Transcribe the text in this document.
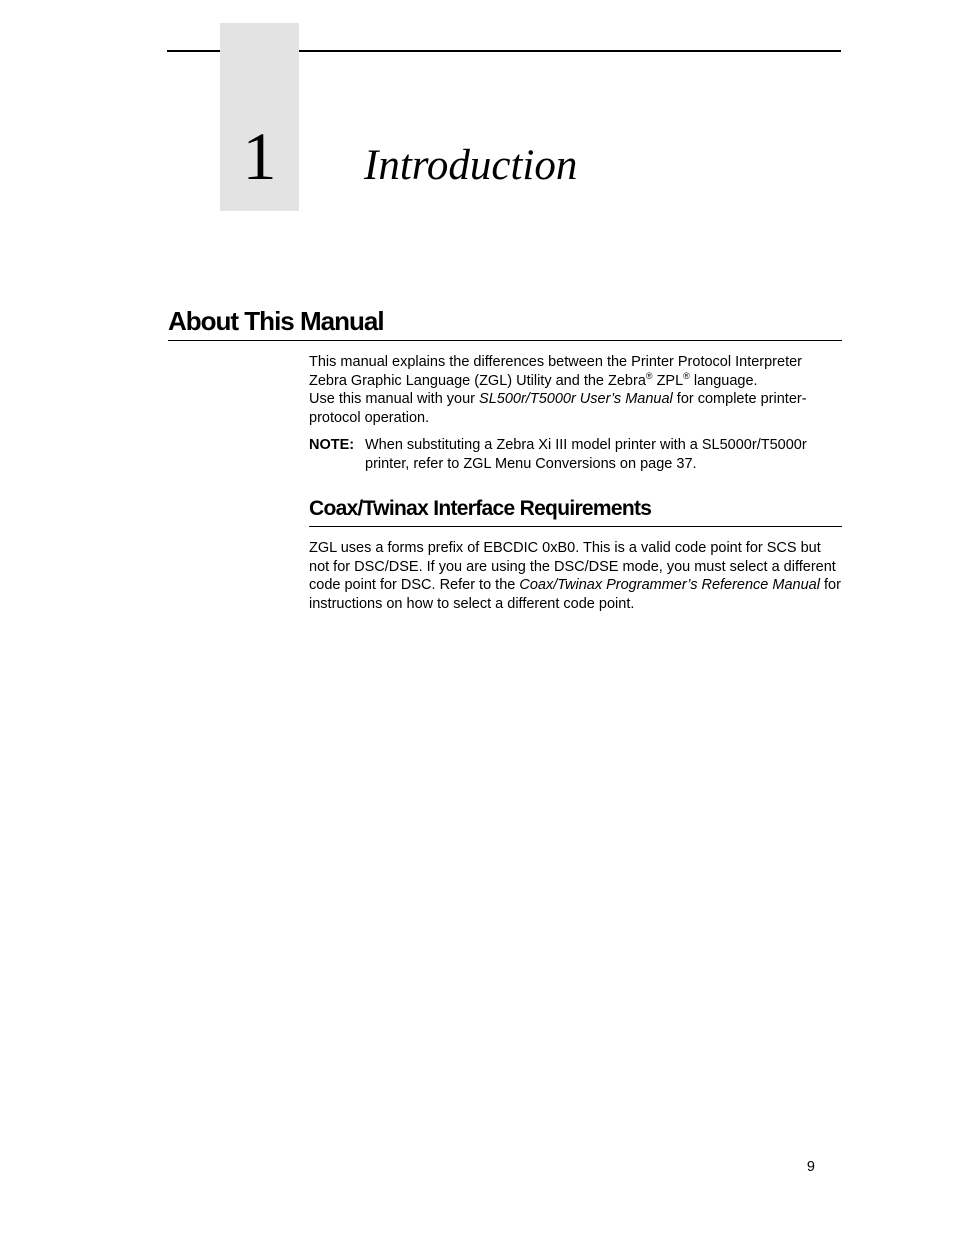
1	Introduction
About This Manual

This manual explains the differences between the Printer Protocol Interpreter
Zebra Graphic Language (ZGL) Utility and the Zebra® ZPL® language.

Use this manual with your SL500r/T5000r User’s Manual for complete printer-protocol operation.

NOTE: When substituting a Zebra Xi III model printer with a SL5000r/T5000r printer, refer to ZGL Menu Conversions on page 37.
Coax/Twinax Interface Requirements

ZGL uses a forms prefix of EBCDIC 0xB0. This is a valid code point for SCS but not for DSC/DSE. If you are using the DSC/DSE mode, you must select a different code point for DSC. Refer to the Coax/Twinax Programmer’s Reference Manual for instructions on how to select a different code point.

9
